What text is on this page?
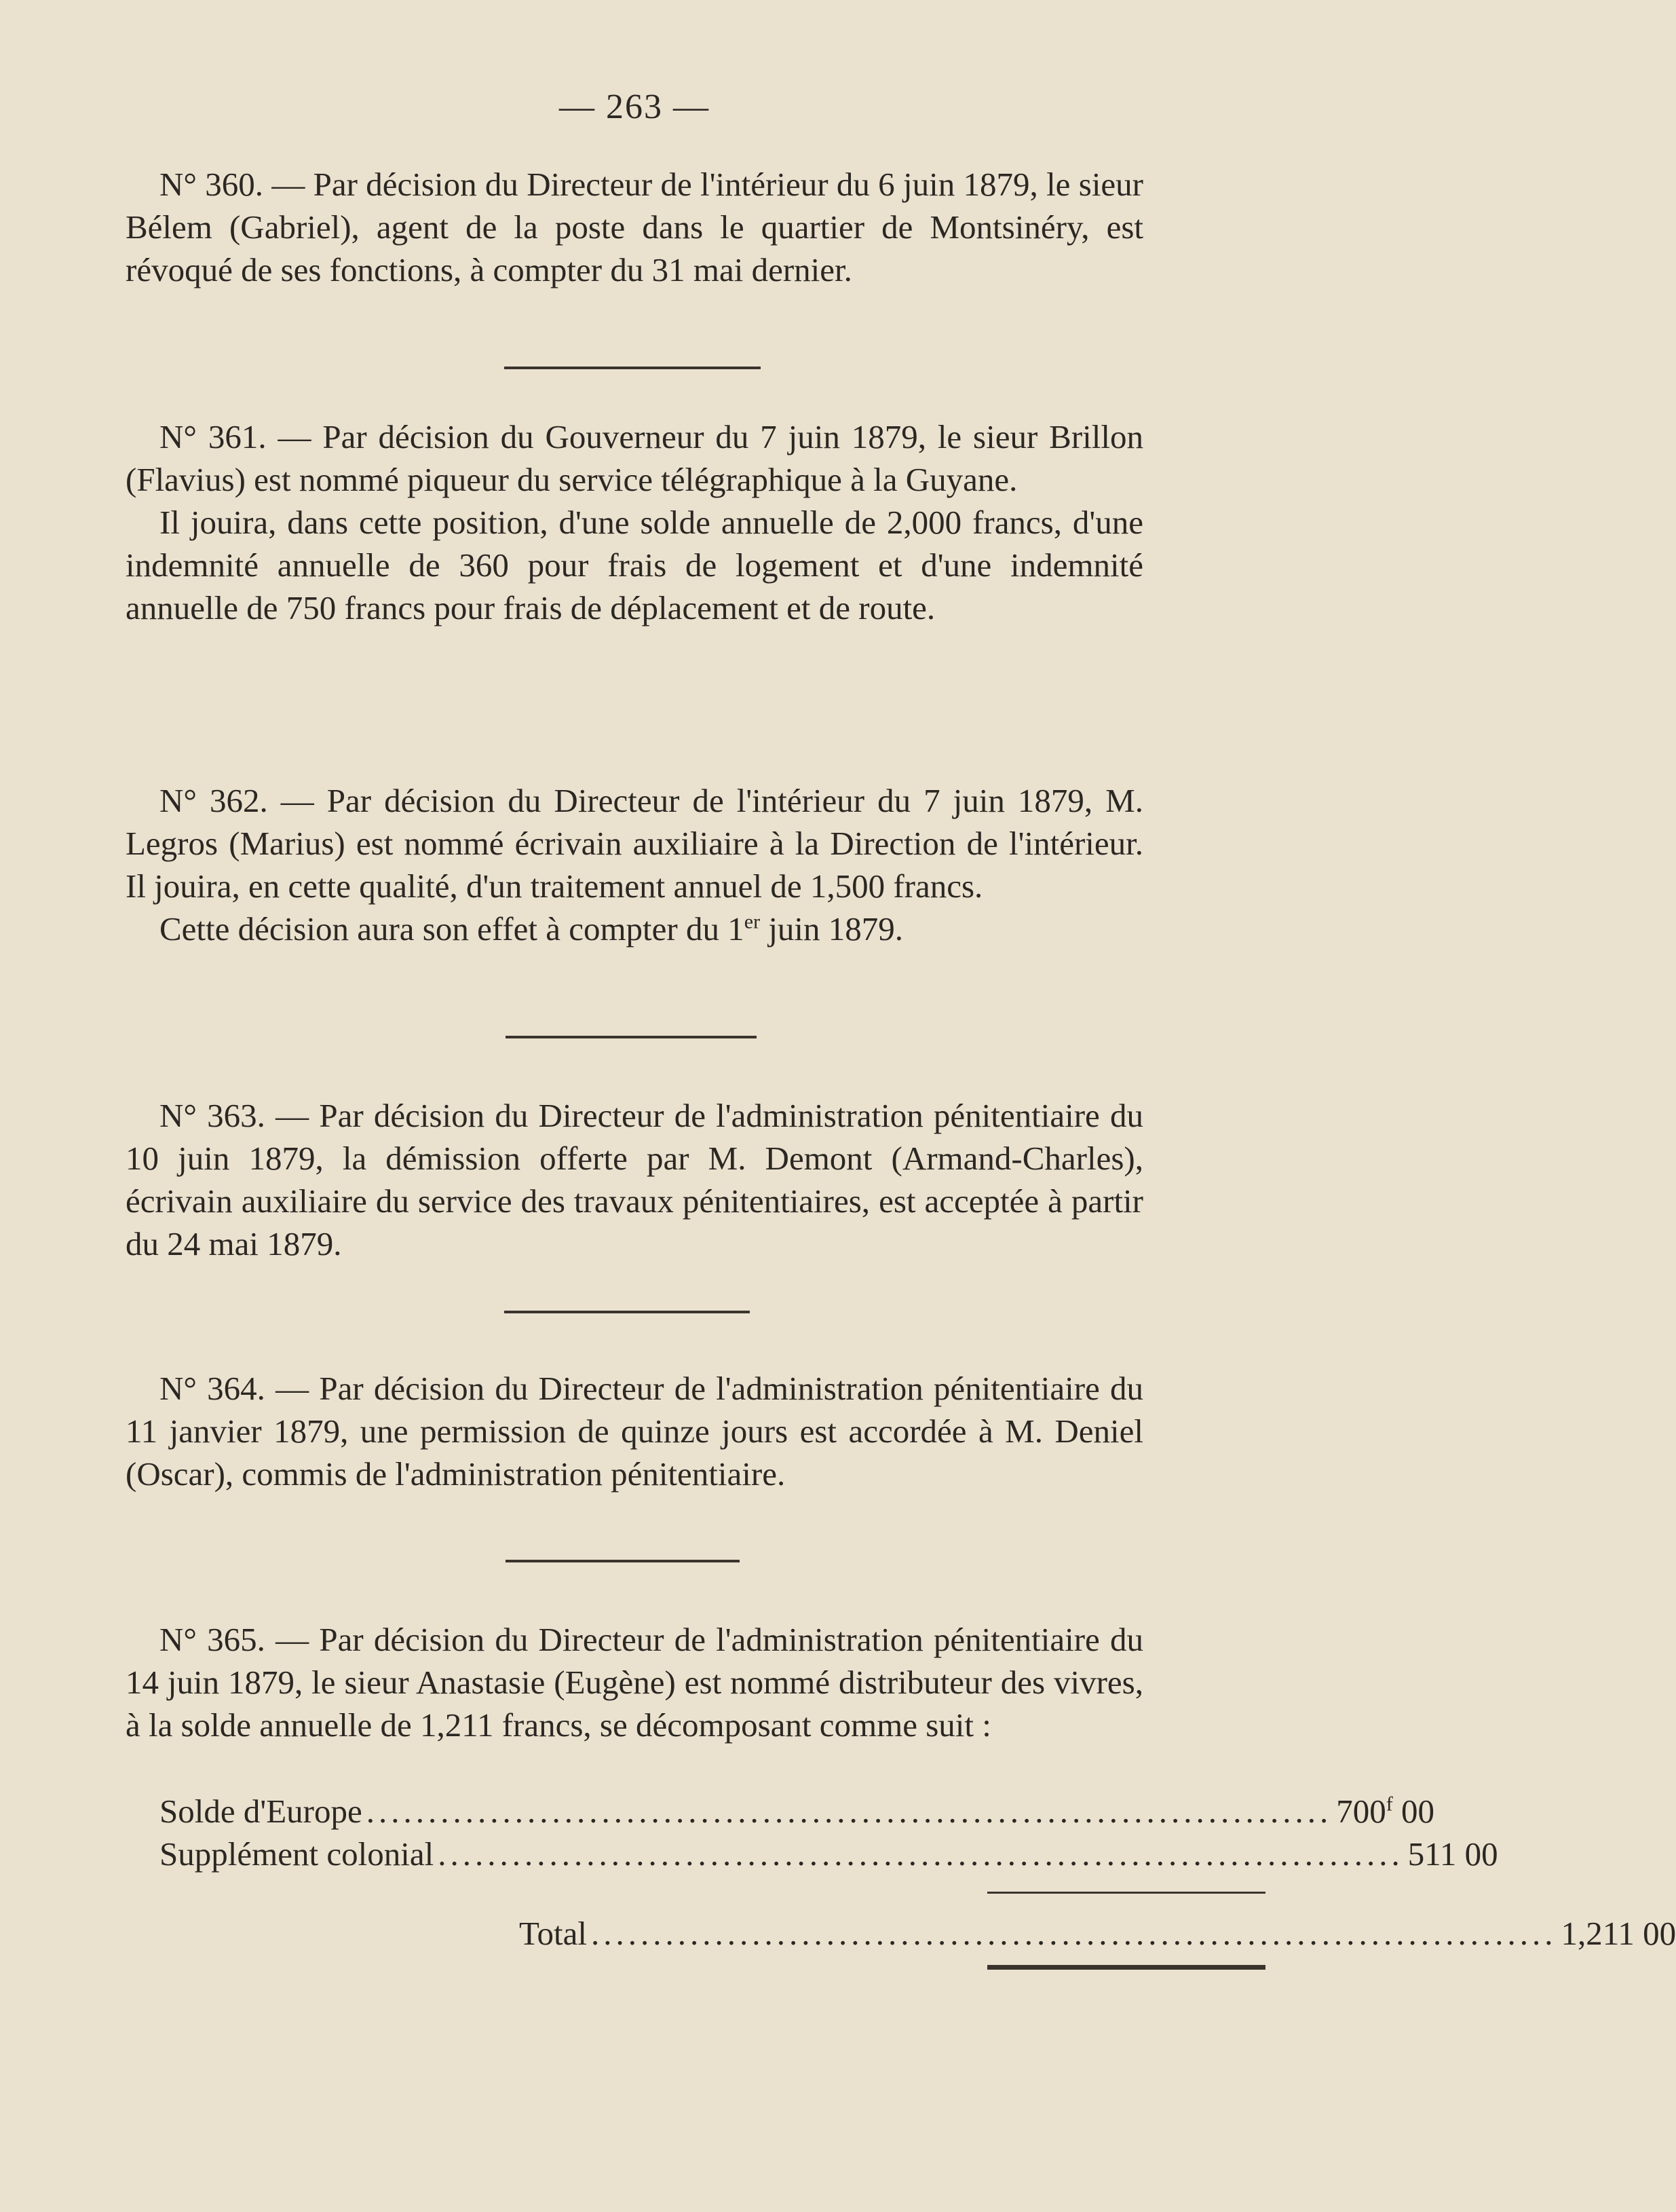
— 263 —

N° 360. — Par décision du Directeur de l'intérieur du 6 juin 1879, le sieur Bélem (Gabriel), agent de la poste dans le quartier de Montsinéry, est révoqué de ses fonctions, à compter du 31 mai dernier.

N° 361. — Par décision du Gouverneur du 7 juin 1879, le sieur Brillon (Flavius) est nommé piqueur du service télégraphique à la Guyane.

Il jouira, dans cette position, d'une solde annuelle de 2,000 francs, d'une indemnité annuelle de 360 pour frais de logement et d'une indemnité annuelle de 750 francs pour frais de déplacement et de route.

N° 362. — Par décision du Directeur de l'intérieur du 7 juin 1879, M. Legros (Marius) est nommé écrivain auxiliaire à la Direction de l'intérieur. Il jouira, en cette qualité, d'un traitement annuel de 1,500 francs.

Cette décision aura son effet à compter du 1er juin 1879.

N° 363. — Par décision du Directeur de l'administration pénitentiaire du 10 juin 1879, la démission offerte par M. Demont (Armand-Charles), écrivain auxiliaire du service des travaux pénitentiaires, est acceptée à partir du 24 mai 1879.

N° 364. — Par décision du Directeur de l'administration pénitentiaire du 11 janvier 1879, une permission de quinze jours est accordée à M. Deniel (Oscar), commis de l'administration pénitentiaire.

N° 365. — Par décision du Directeur de l'administration pénitentiaire du 14 juin 1879, le sieur Anastasie (Eugène) est nommé distributeur des vivres, à la solde annuelle de 1,211 francs, se décomposant comme suit :

Solde d'Europe .............................................................................. 700$^f$ 00
Supplément colonial .............................................................................. 511 00
Total .............................................................................. 1,211 00
